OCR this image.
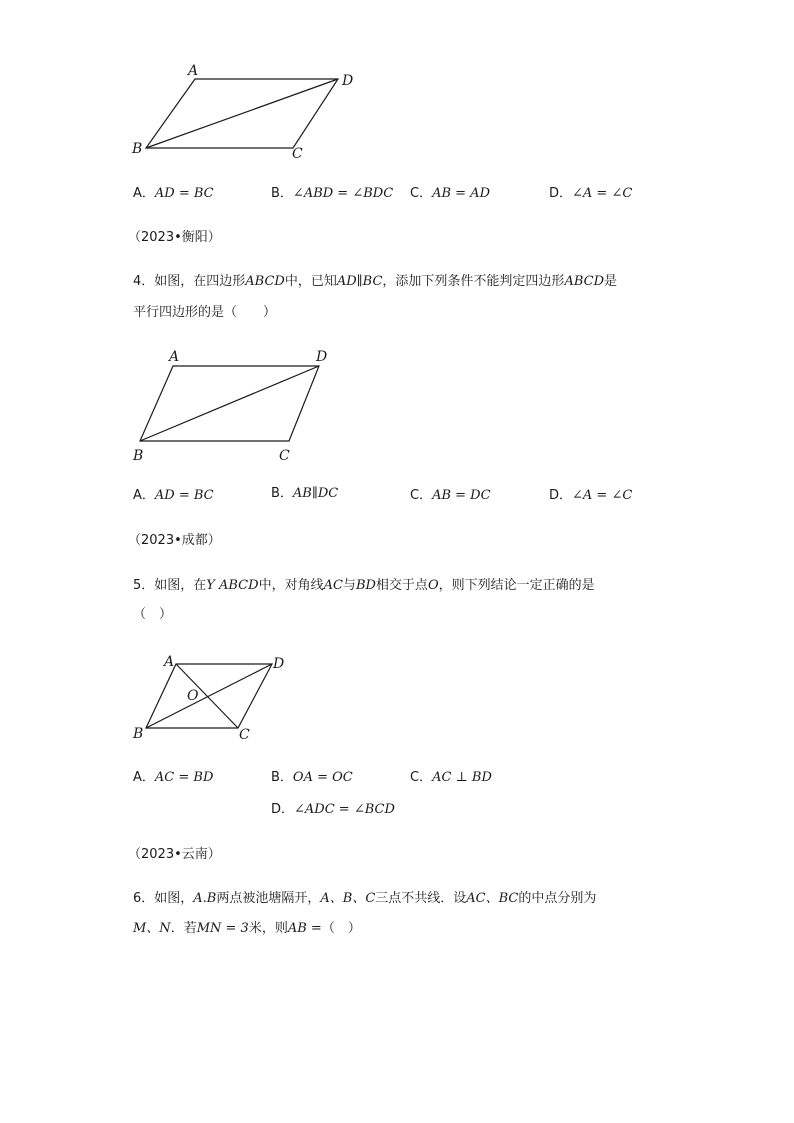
A
D
B	C
A．AD = BC	B．∠ABD = ∠BDC C．AB = AD	D．∠A = ∠C
（2023•衡阳）
4．如图，在四边形ABCD中，已知AD∥BC，添加下列条件不能判定四边形ABCD是
平行四边形的是（　　）
A	D
B	C
A．AD = BC	B．AB∥DC	C．AB = DC	D．∠A = ∠C
（2023•成都）
5．如图，在Y ABCD中，对角线AC与BD相交于点O，则下列结论一定正确的是
（　）
A	D
B	C
O
A．AC = BD	B．OA = OC	C．AC ⊥ BD
D．∠ADC = ∠BCD
（2023•云南）
6．如图，A.B两点被池塘隔开，A、B、C三点不共线．设AC、BC的中点分别为
M、N．若MN = 3米，则AB =（　）
